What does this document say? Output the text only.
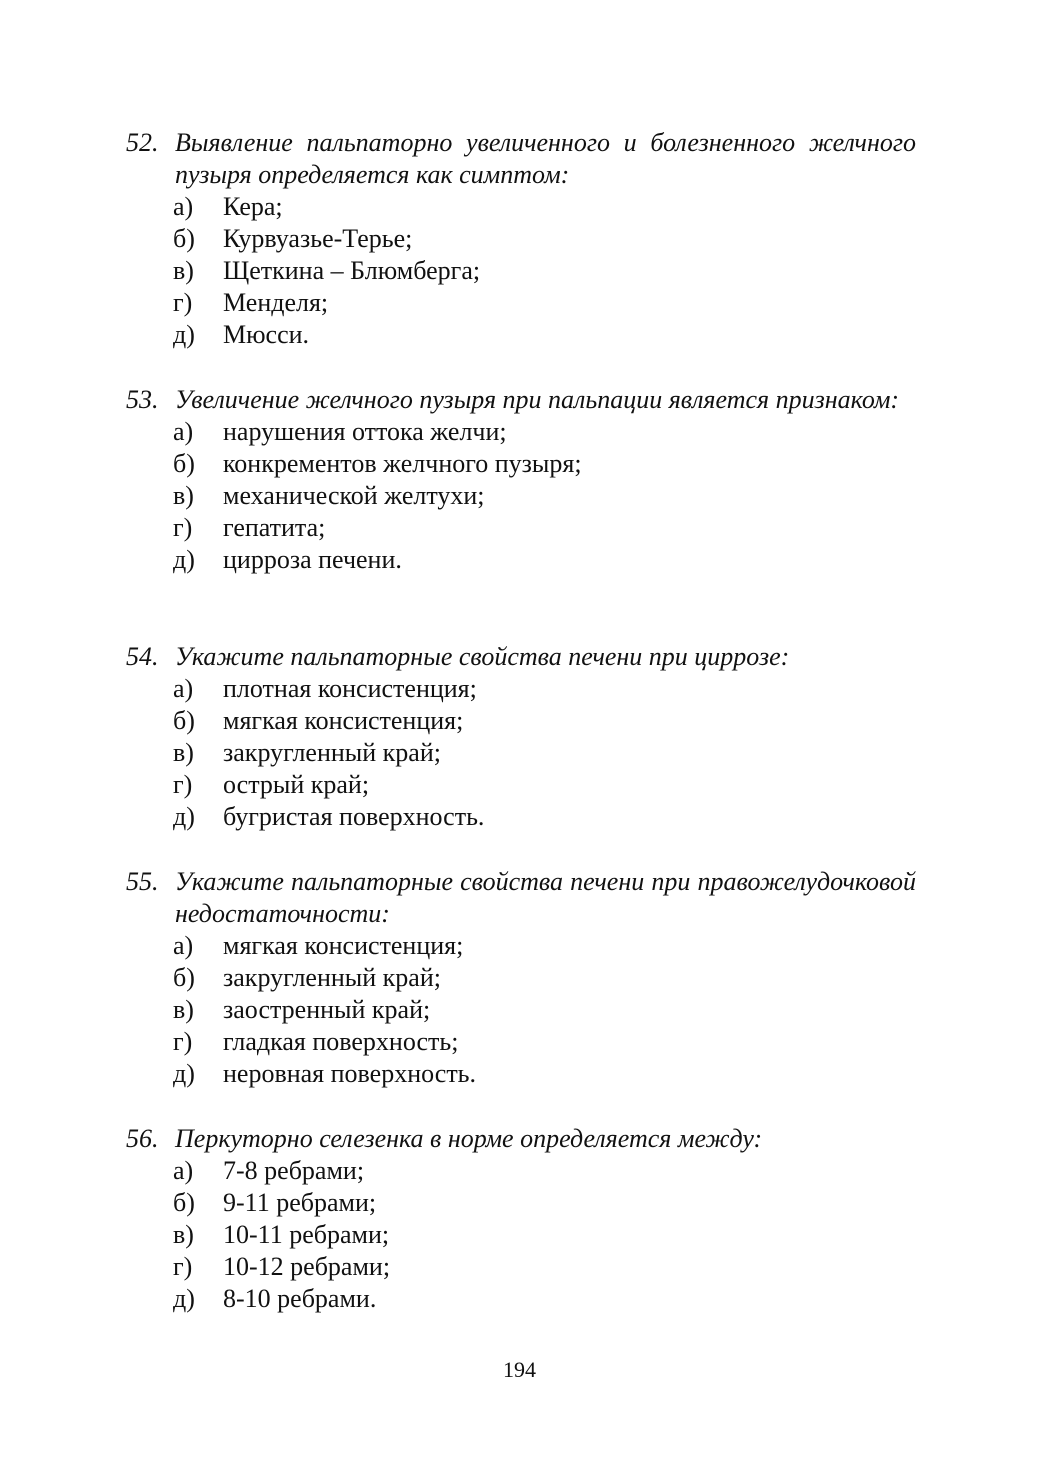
52. Выявление пальпаторно увеличенного и болезненного желчного пузыря определяется как симптом:
а) Кера;
б) Курвуазье-Терье;
в) Щеткина – Блюмберга;
г) Менделя;
д) Мюсси.
53. Увеличение желчного пузыря при пальпации является признаком:
а) нарушения оттока желчи;
б) конкрементов желчного пузыря;
в) механической желтухи;
г) гепатита;
д) цирроза печени.
54. Укажите пальпаторные свойства печени при циррозе:
а) плотная консистенция;
б) мягкая консистенция;
в) закругленный край;
г) острый край;
д) бугристая поверхность.
55. Укажите пальпаторные свойства печени при правожелудочковой недостаточности:
а) мягкая консистенция;
б) закругленный край;
в) заостренный край;
г) гладкая поверхность;
д) неровная поверхность.
56. Перкуторно селезенка в норме определяется между:
а) 7-8 ребрами;
б) 9-11 ребрами;
в) 10-11 ребрами;
г) 10-12 ребрами;
д) 8-10 ребрами.
194
